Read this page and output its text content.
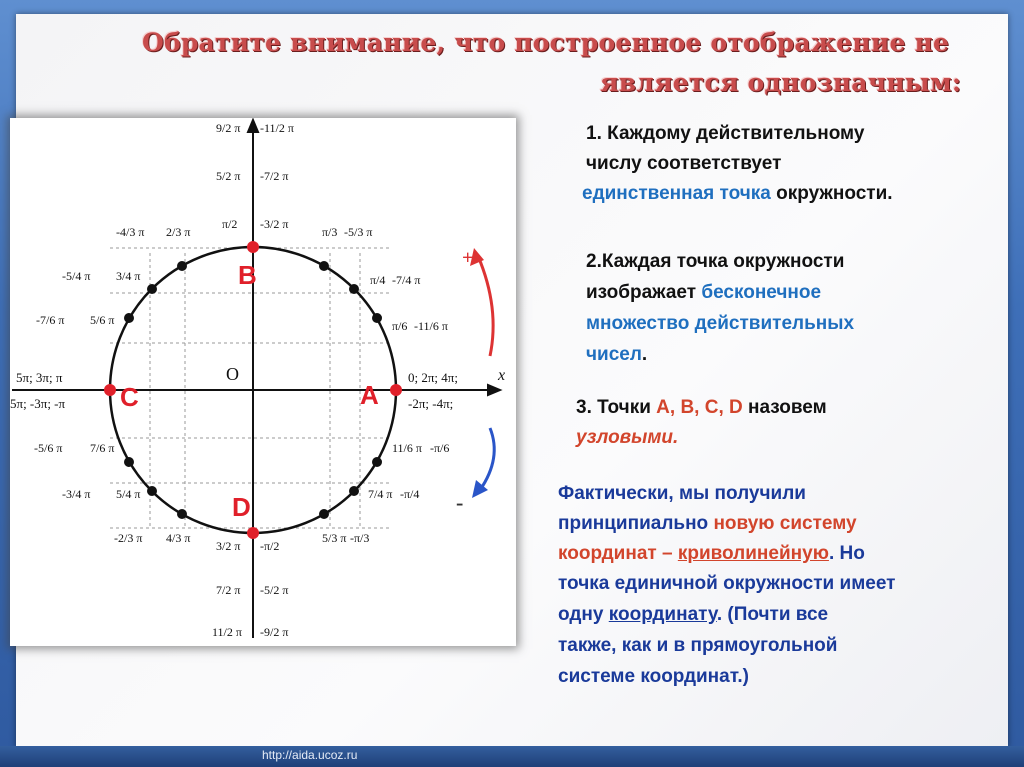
http://aida.ucoz.ru
Обратите внимание, что построенное отображение не
является однозначным:
A
B
C
D
O	x
+
-
0; 2π; 4π;
-2π; -4π;
5π; 3π; π
5π; -3π; -π
9/2 π
5/2 π
π/2
-11/2 π
-7/2 π
-3/2 π
3/2 π
7/2 π
11/2 π
-π/2
-5/2 π
-9/2 π
π/3 -5/3 π
π/4 -7/4 π
π/6 -11/6 π
-4/3 π 2/3 π
-5/4 π 3/4 π
-7/6 π 5/6 π
-5/6 π 7/6 π
-3/4 π 5/4 π
-2/3 π 4/3 π
11/6 π -π/6
7/4 π -π/4
5/3 π -π/3
1. Каждому действительному
числу соответствует
единственная точка окружности.
2.Каждая точка окружности
изображает бесконечное
множество действительных
чисел.
3. Точки A, B, C, D назовем
узловыми.
Фактически, мы получили
принципиально новую систему
координат – криволинейную. Но
точка единичной окружности имеет
одну координату. (Почти все
также, как и в прямоугольной
системе координат.)
